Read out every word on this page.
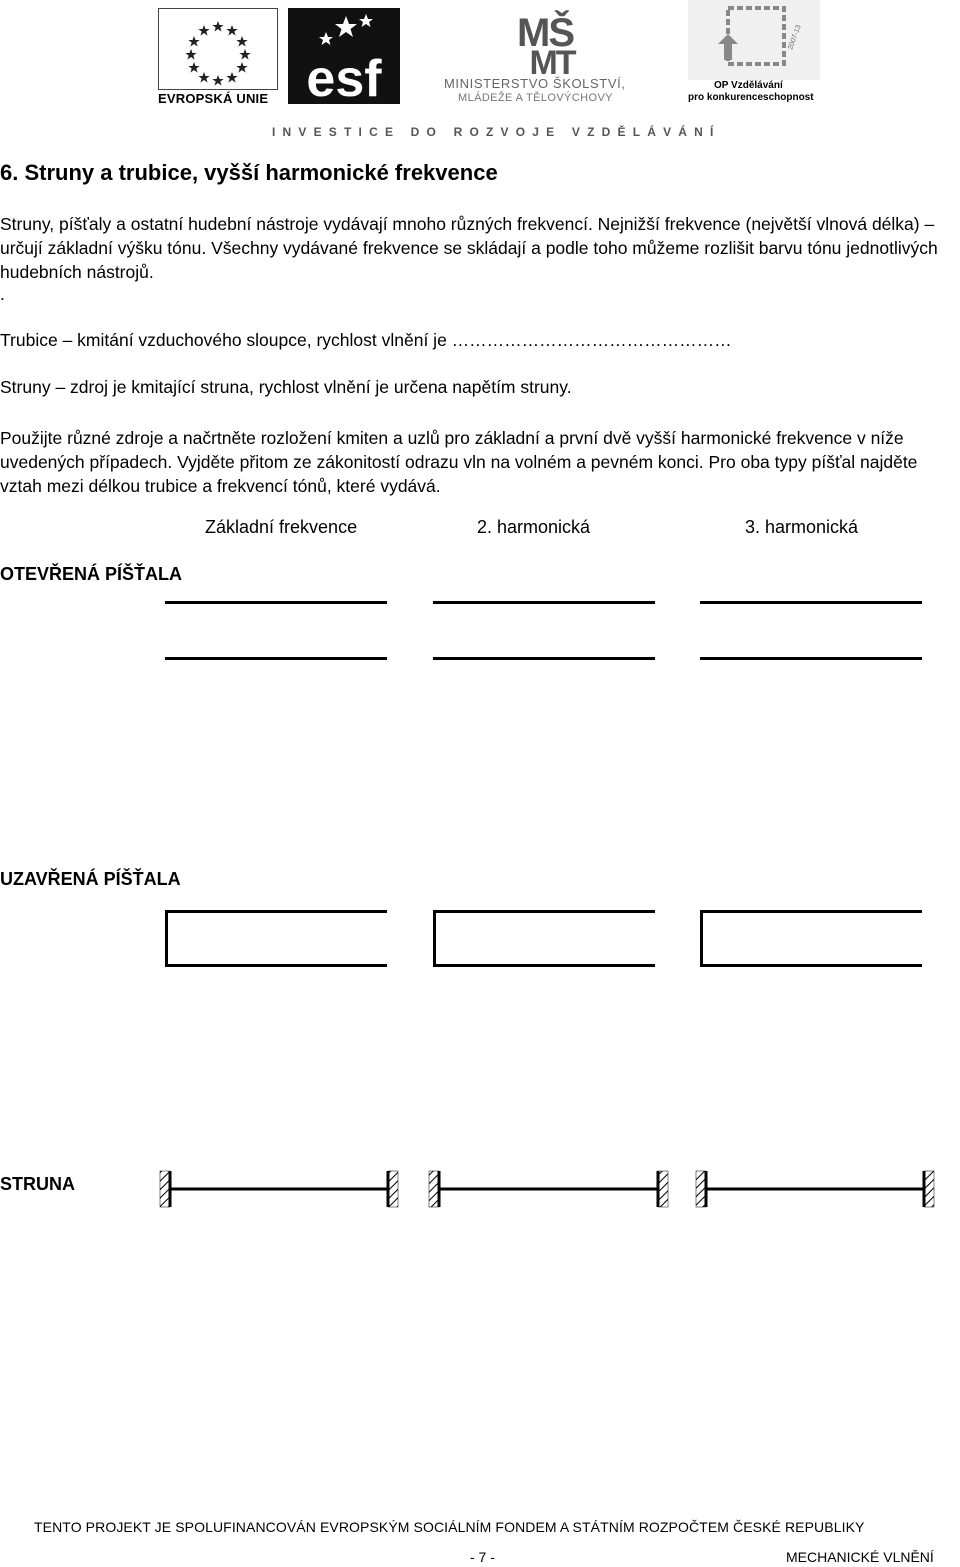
EVROPSKÁ UNIE esf
MŠ
MT
MINISTERSTVO ŠKOLSTVÍ,
MLÁDEŽE A TĚLOVÝCHOVY
2007-13
OP Vzdělávání
pro konkurenceschopnost
INVESTICE DO ROZVOJE VZDĚLÁVÁNÍ
6. Struny a trubice, vyšší harmonické frekvence
Struny, píšťaly a ostatní hudební nástroje vydávají mnoho různých frekvencí. Nejnižší frekvence (největší vlnová délka) – určují základní výšku tónu. Všechny vydávané frekvence se skládají a podle toho můžeme rozlišit barvu tónu jednotlivých hudebních nástrojů.
.
Trubice – kmitání vzduchového sloupce, rychlost vlnění je …………………………………………
Struny – zdroj je kmitající struna, rychlost vlnění je určena napětím struny.
Použijte různé zdroje a načrtněte rozložení kmiten a uzlů pro základní a první dvě vyšší harmonické frekvence v níže uvedených případech. Vyjděte přitom ze zákonitostí odrazu vln na volném a pevném konci. Pro oba typy píšťal najděte vztah mezi délkou trubice a frekvencí tónů, které vydává.
Základní frekvence	2. harmonická	3. harmonická
OTEVŘENÁ PÍŠŤALA
UZAVŘENÁ PÍŠŤALA
STRUNA
TENTO PROJEKT JE SPOLUFINANCOVÁN EVROPSKÝM SOCIÁLNÍM FONDEM A STÁTNÍM ROZPOČTEM ČESKÉ REPUBLIKY
- 7 -	MECHANICKÉ VLNĚNÍ
